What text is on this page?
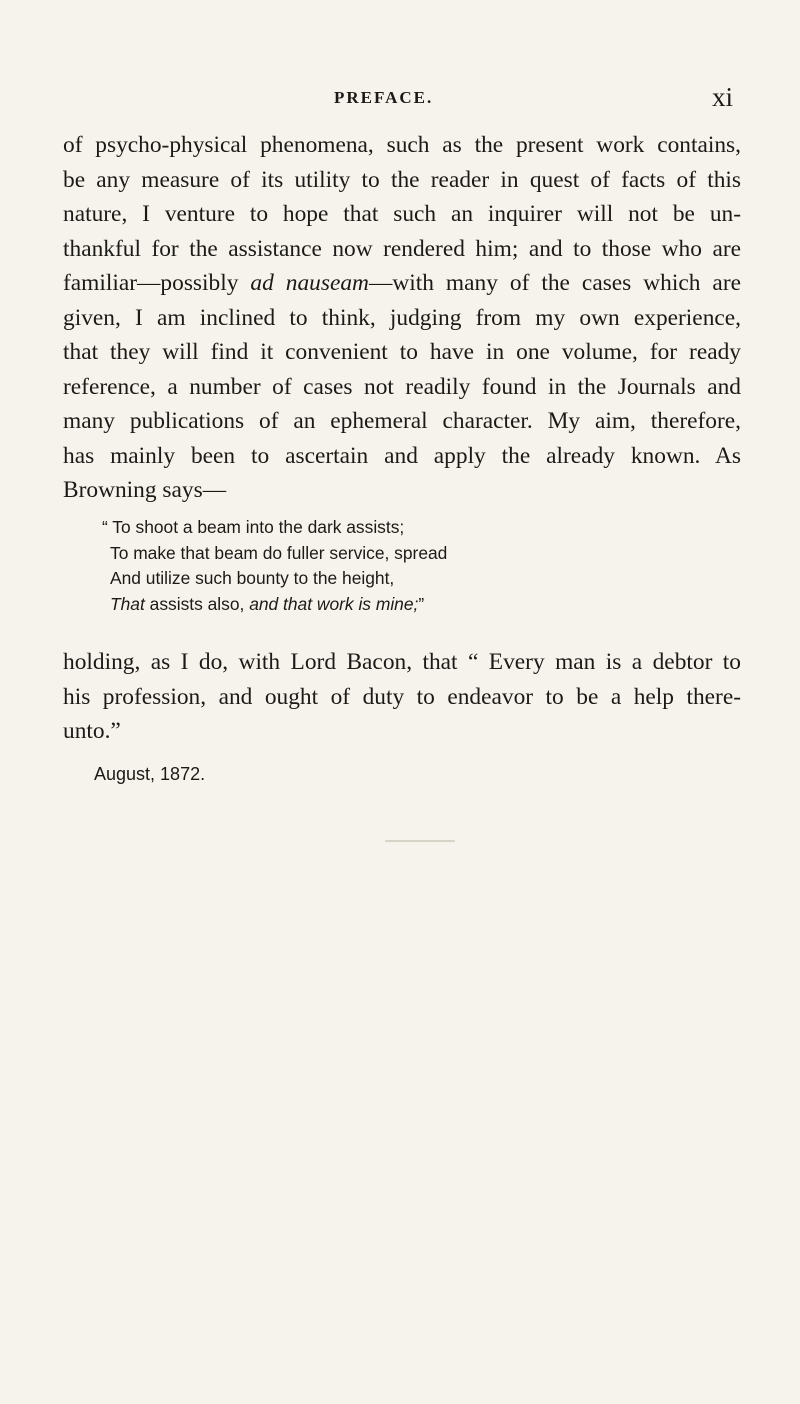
PREFACE.	xi
of psycho-physical phenomena, such as the present work contains,
be any measure of its utility to the reader in quest of facts of this
nature, I venture to hope that such an inquirer will not be un-
thankful for the assistance now rendered him; and to those who are
familiar—possibly ad nauseam—with many of the cases which are
given, I am inclined to think, judging from my own experience,
that they will find it convenient to have in one volume, for ready
reference, a number of cases not readily found in the Journals and
many publications of an ephemeral character. My aim, therefore,
has mainly been to ascertain and apply the already known. As
Browning says—
“ To shoot a beam into the dark assists;
To make that beam do fuller service, spread
And utilize such bounty to the height,
That assists also, and that work is mine;”
holding, as I do, with Lord Bacon, that “ Every man is a debtor to
his profession, and ought of duty to endeavor to be a help there-
unto.”
August, 1872.
